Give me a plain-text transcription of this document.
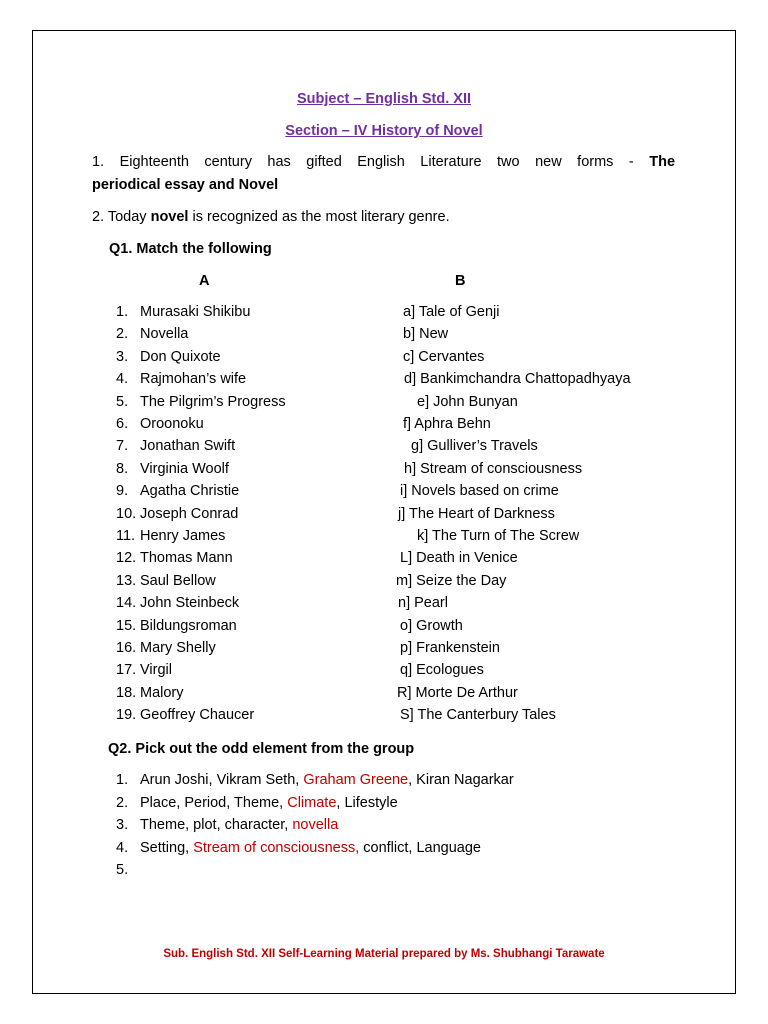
Subject – English Std. XII
Section – IV History of Novel
1. Eighteenth century has gifted English Literature two new forms - The
periodical essay and Novel
2. Today novel is recognized as the most literary genre.
Q1. Match the following
A	B
1. Murasaki Shikibu	a] Tale of Genji
2. Novella	b] New
3. Don Quixote	c] Cervantes
4. Rajmohan’s wife	d] Bankimchandra Chattopadhyaya
5. The Pilgrim’s Progress	e] John Bunyan
6. Oroonoku	f] Aphra Behn
7. Jonathan Swift	g] Gulliver’s Travels
8. Virginia Woolf	h] Stream of consciousness
9. Agatha Christie	i] Novels based on crime
10. Joseph Conrad	j] The Heart of Darkness
11. Henry James	k] The Turn of The Screw
12. Thomas Mann	L] Death in Venice
13. Saul Bellow	m] Seize the Day
14. John Steinbeck	n] Pearl
15. Bildungsroman	o] Growth
16. Mary Shelly	p] Frankenstein
17. Virgil	q] Ecologues
18. Malory	R] Morte De Arthur
19. Geoffrey Chaucer	S] The Canterbury Tales
Q2. Pick out the odd element from the group
1. Arun Joshi, Vikram Seth, Graham Greene, Kiran Nagarkar
2. Place, Period, Theme, Climate, Lifestyle
3. Theme, plot, character, novella
4. Setting, Stream of consciousness, conflict, Language
5.
Sub. English Std. XII Self-Learning Material prepared by Ms. Shubhangi Tarawate
